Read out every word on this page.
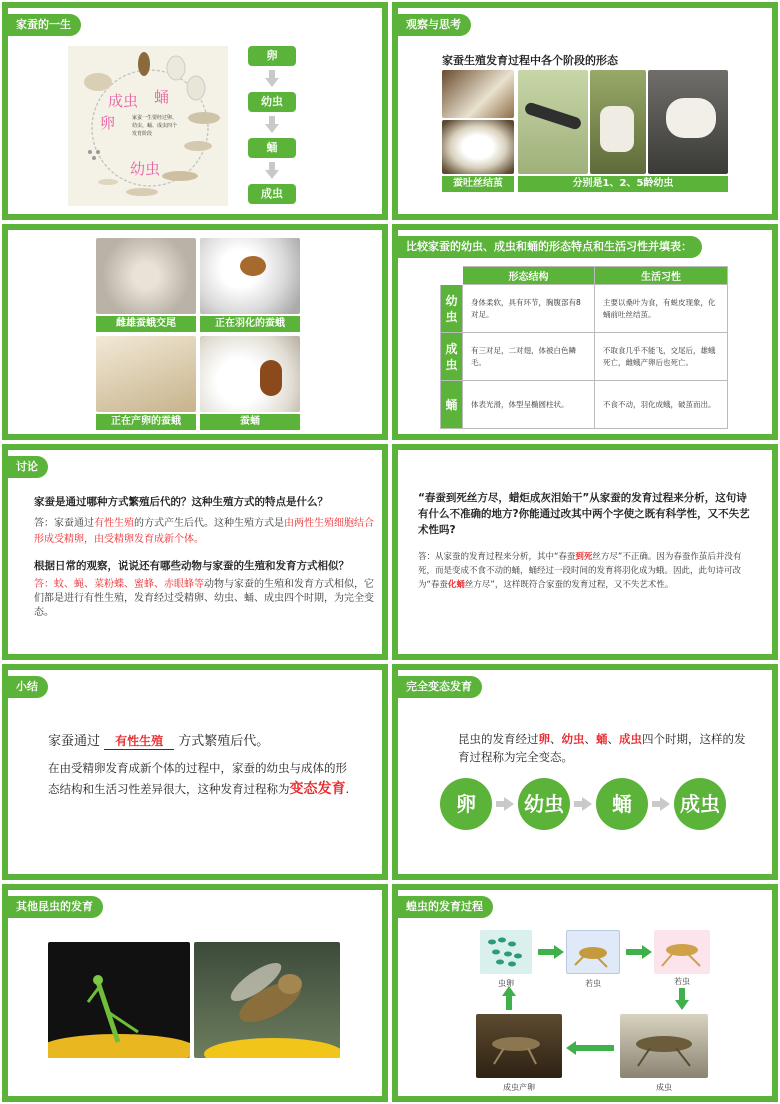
家蚕的一生
成虫 蛹
卵
幼虫
家蚕一生要经过卵、幼虫、蛹、成虫四个发育阶段
卵
幼虫
蛹
成虫
观察与思考
家蚕生殖发育过程中各个阶段的形态
蚕吐丝结茧	分别是1、2、5龄幼虫
雌雄蚕蛾交尾	正在羽化的蚕蛾
正在产卵的蚕蛾	蚕蛹
比较家蚕的幼虫、成虫和蛹的形态特点和生活习性并填表：
	形态结构	生活习性
幼虫	身体柔软，具有环节，胸腹部有8对足。	主要以桑叶为食，有蜕皮现象，化蛹前吐丝结茧。
成虫	有三对足，二对翅，体被白色鳞毛。	不取食几乎不能飞，交尾后，雄蛾死亡，雌蛾产卵后也死亡。
蛹	体表光滑，体型呈椭圆柱状。	不食不动，羽化成蛾，破茧而出。
讨论
家蚕是通过哪种方式繁殖后代的？这种生殖方式的特点是什么？

答：家蚕通过有性生殖的方式产生后代。这种生殖方式是由两性生殖细胞结合形成受精卵，由受精卵发育成新个体。

根据日常的观察，说说还有哪些动物与家蚕的生殖和发育方式相似？

答：蚊、蝇、菜粉蝶、蜜蜂、赤眼蜂等动物与家蚕的生殖和发育方式相似，它们都是进行有性生殖，发育经过受精卵、幼虫、蛹、成虫四个时期，为完全变态。

“春蚕到死丝方尽，蜡炬成灰泪始干”从家蚕的发育过程来分析，这句诗有什么不准确的地方?你能通过改其中两个字使之既有科学性，又不失艺术性吗?

答：从家蚕的发育过程来分析，其中“春蚕到死丝方尽”不正确。因为春蚕作茧后并没有死，而是变成不食不动的蛹，蛹经过一段时间的发育将羽化成为蛾。因此，此句诗可改为“春蚕化蛹丝方尽”，这样既符合家蚕的发育过程，又不失艺术性。

小结

家蚕通过 有性生殖 方式繁殖后代。

在由受精卵发育成新个体的过程中，家蚕的幼虫与成体的形态结构和生活习性差异很大，这种发育过程称为变态发育.

完全变态发育

昆虫的发育经过卵、幼虫、蛹、成虫四个时期，这样的发育过程称为完全变态。

卵	幼虫	蛹	成虫
其他昆虫的发育	蝗虫的发育过程
虫卵	若虫	若虫
成虫
成虫产卵
